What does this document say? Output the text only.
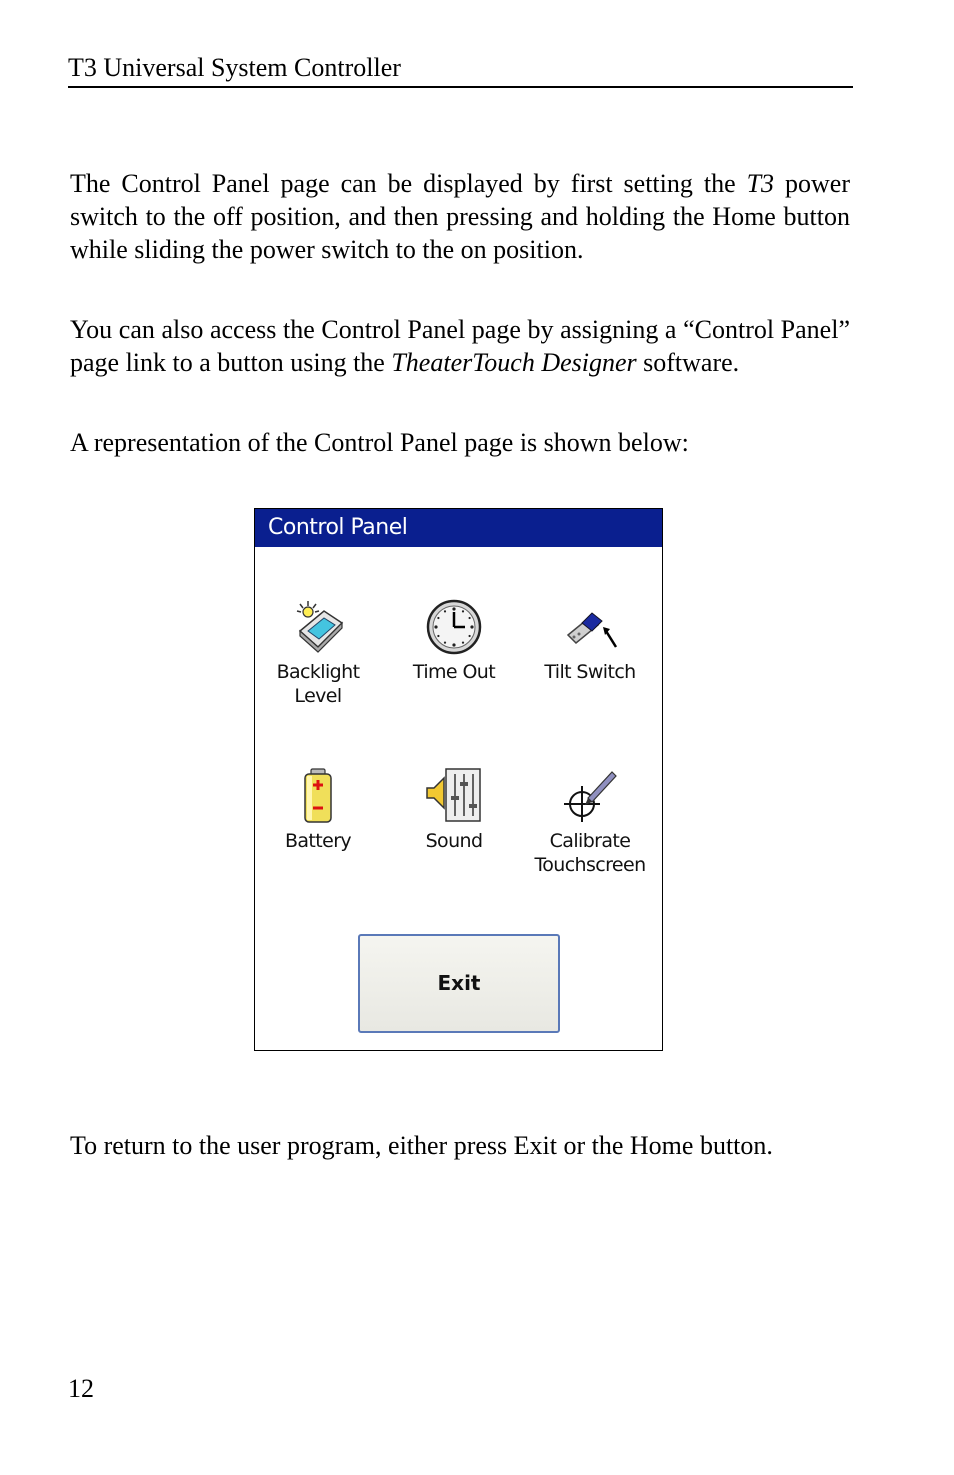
T3 Universal System Controller

The Control Panel page can be displayed by first setting the T3 power switch to the off position, and then pressing and holding the Home button while sliding the power switch to the on position.

You can also access the Control Panel page by assigning a “Control Panel” page link to a button using the TheaterTouch Designer software.

A representation of the Control Panel page is shown below:

Control Panel
Backlight
Level
Time Out	Tilt Switch

Battery	Sound	Calibrate
Touchscreen
Exit

To return to the user program, either press Exit or the Home button.

12
